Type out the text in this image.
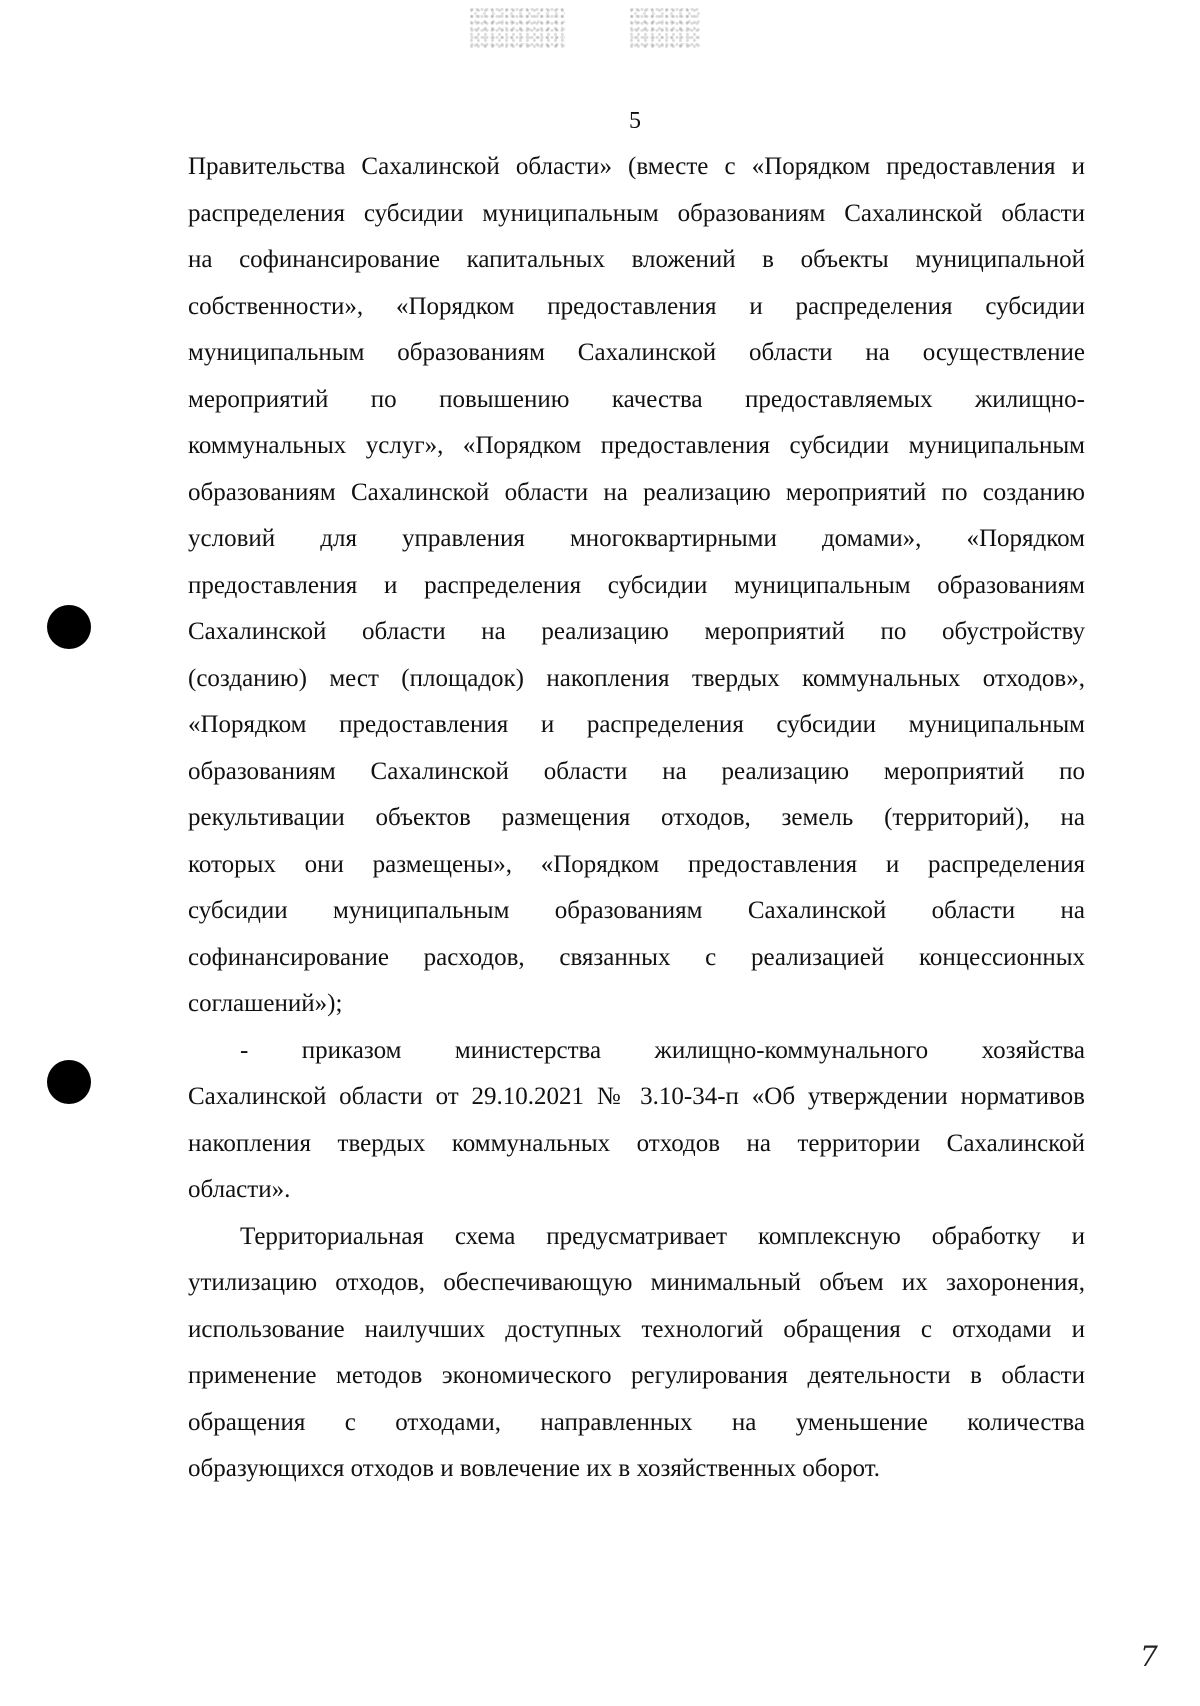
5
Правительства Сахалинской области» (вместе с «Порядком предоставления и
распределения субсидии муниципальным образованиям Сахалинской области
на софинансирование капитальных вложений в объекты муниципальной
собственности», «Порядком предоставления и распределения субсидии
муниципальным образованиям Сахалинской области на осуществление
мероприятий по повышению качества предоставляемых жилищно-
коммунальных услуг», «Порядком предоставления субсидии муниципальным
образованиям Сахалинской области на реализацию мероприятий по созданию
условий для управления многоквартирными домами», «Порядком
предоставления и распределения субсидии муниципальным образованиям
Сахалинской области на реализацию мероприятий по обустройству
(созданию) мест (площадок) накопления твердых коммунальных отходов»,
«Порядком предоставления и распределения субсидии муниципальным
образованиям Сахалинской области на реализацию мероприятий по
рекультивации объектов размещения отходов, земель (территорий), на
которых они размещены», «Порядком предоставления и распределения
субсидии муниципальным образованиям Сахалинской области на
софинансирование расходов, связанных с реализацией концессионных
соглашений»);
- приказом министерства жилищно-коммунального хозяйства
Сахалинской области от 29.10.2021 № 3.10-34-п «Об утверждении нормативов
накопления твердых коммунальных отходов на территории Сахалинской
области».
Территориальная схема предусматривает комплексную обработку и
утилизацию отходов, обеспечивающую минимальный объем их захоронения,
использование наилучших доступных технологий обращения с отходами и
применение методов экономического регулирования деятельности в области
обращения с отходами, направленных на уменьшение количества
образующихся отходов и вовлечение их в хозяйственных оборот.
7
